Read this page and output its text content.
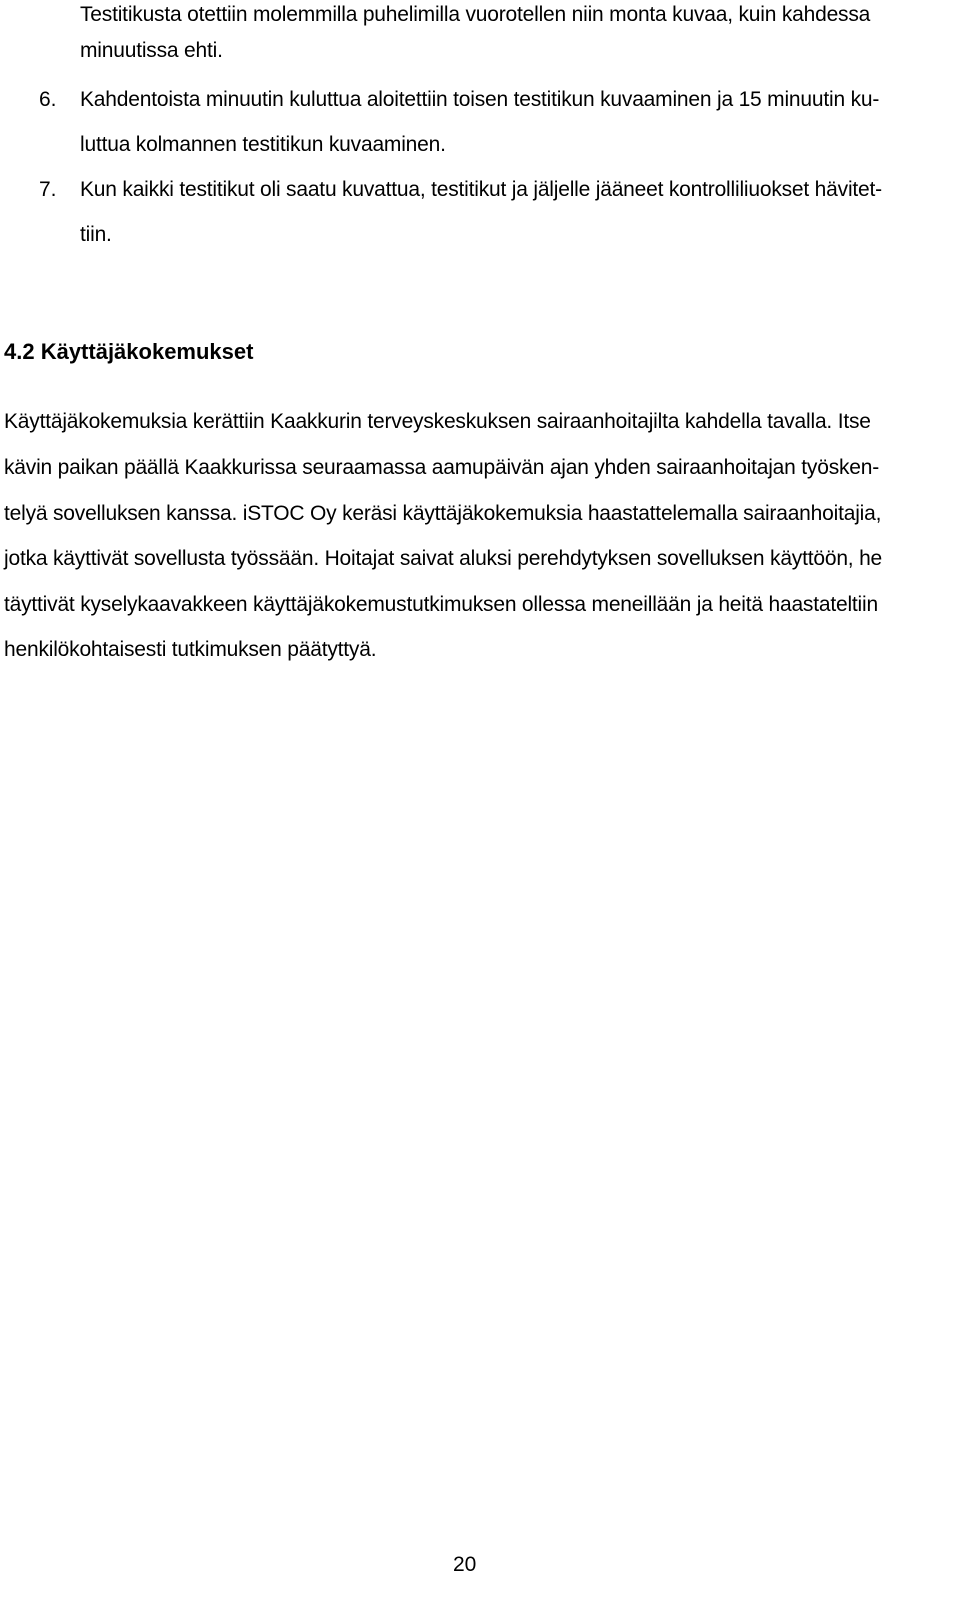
Testitikusta otettiin molemmilla puhelimilla vuorotellen niin monta kuvaa, kuin kahdessa
minuutissa ehti.
6. Kahdentoista minuutin kuluttua aloitettiin toisen testitikun kuvaaminen ja 15 minuutin ku-
luttua kolmannen testitikun kuvaaminen.
7. Kun kaikki testitikut oli saatu kuvattua, testitikut ja jäljelle jääneet kontrolliliuokset hävitet-
tiin.
4.2 Käyttäjäkokemukset
Käyttäjäkokemuksia kerättiin Kaakkurin terveyskeskuksen sairaanhoitajilta kahdella tavalla. Itse
kävin paikan päällä Kaakkurissa seuraamassa aamupäivän ajan yhden sairaanhoitajan työsken-
telyä sovelluksen kanssa. iSTOC Oy keräsi käyttäjäkokemuksia haastattelemalla sairaanhoitajia,
jotka käyttivät sovellusta työssään. Hoitajat saivat aluksi perehdytyksen sovelluksen käyttöön, he
täyttivät kyselykaavakkeen käyttäjäkokemustutkimuksen ollessa meneillään ja heitä haastateltiin
henkilökohtaisesti tutkimuksen päätyttyä.
20
